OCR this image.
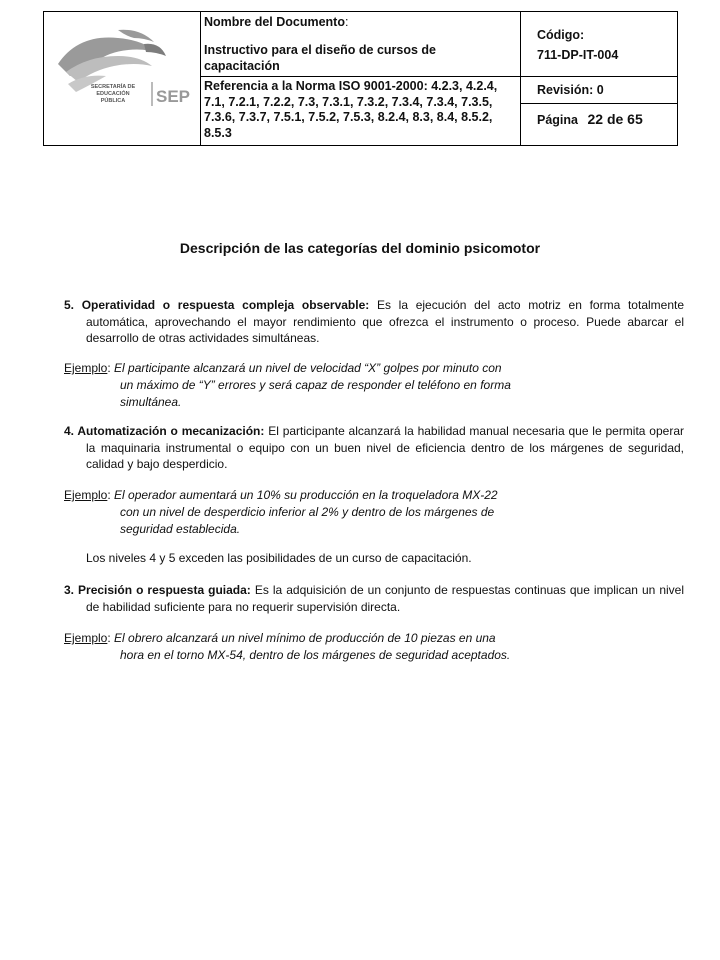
SECRETARÍA DE
EDUCACIÓN
PÚBLICA SEP
Nombre del Documento:
Instructivo para el diseño de cursos de capacitación
Referencia a la Norma ISO 9001-2000: 4.2.3, 4.2.4, 7.1, 7.2.1, 7.2.2, 7.3, 7.3.1, 7.3.2, 7.3.4, 7.3.4, 7.3.5, 7.3.6, 7.3.7, 7.5.1, 7.5.2, 7.5.3, 8.2.4, 8.3, 8.4, 8.5.2, 8.5.3
Código:
711-DP-IT-004
Revisión: 0
Página 22 de 65
Descripción de las categorías del dominio psicomotor
5. Operatividad o respuesta compleja observable: Es la ejecución del acto motriz en forma totalmente automática, aprovechando el mayor rendimiento que ofrezca el instrumento o proceso. Puede abarcar el desarrollo de otras actividades simultáneas.
Ejemplo: El participante alcanzará un nivel de velocidad “X” golpes por minuto con
un máximo de “Y” errores y será capaz de responder el teléfono en forma
simultánea.
4. Automatización o mecanización: El participante alcanzará la habilidad manual necesaria que le permita operar la maquinaria instrumental o equipo con un buen nivel de eficiencia dentro de los márgenes de seguridad, calidad y bajo desperdicio.
Ejemplo: El operador aumentará un 10% su producción en la troqueladora MX-22
con un nivel de desperdicio inferior al 2% y dentro de los márgenes de
seguridad establecida.
Los niveles 4 y 5 exceden las posibilidades de un curso de capacitación.
3. Precisión o respuesta guiada: Es la adquisición de un conjunto de respuestas continuas que implican un nivel de habilidad suficiente para no requerir supervisión directa.
Ejemplo: El obrero alcanzará un nivel mínimo de producción de 10 piezas en una
hora en el torno MX-54, dentro de los márgenes de seguridad aceptados.
